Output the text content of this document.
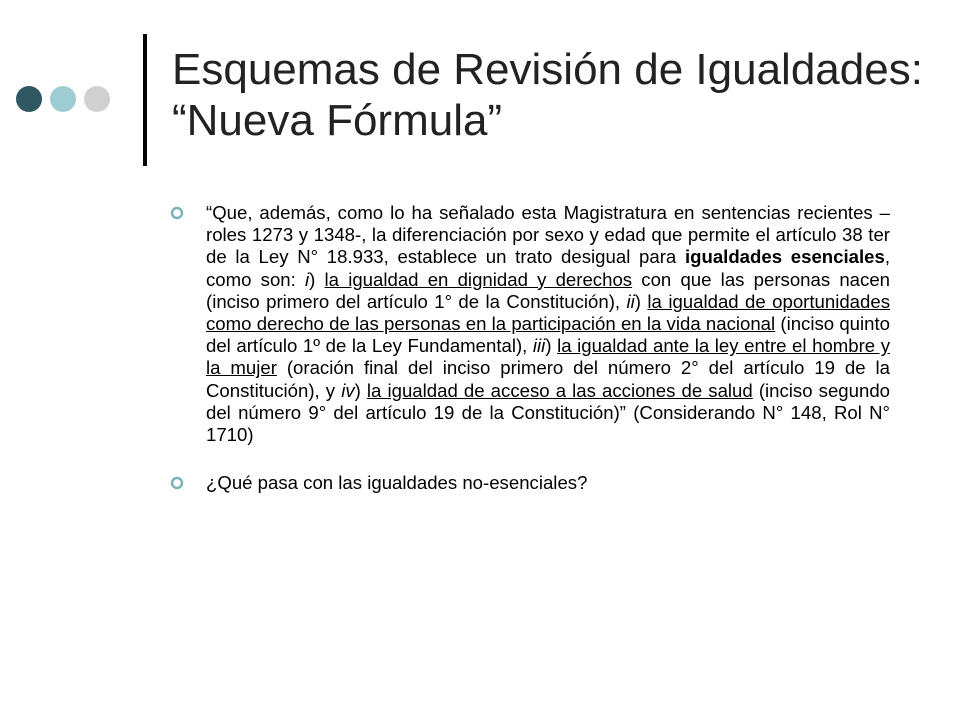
Esquemas de Revisión de Igualdades: “Nueva Fórmula”
“Que, además, como lo ha señalado esta Magistratura en sentencias recientes –roles 1273 y 1348-, la diferenciación por sexo y edad que permite el artículo 38 ter de la Ley N° 18.933, establece un trato desigual para igualdades esenciales, como son: i) la igualdad en dignidad y derechos con que las personas nacen (inciso primero del artículo 1° de la Constitución), ii) la igualdad de oportunidades como derecho de las personas en la participación en la vida nacional (inciso quinto del artículo 1º de la Ley Fundamental), iii) la igualdad ante la ley entre el hombre y la mujer (oración final del inciso primero del número 2° del artículo 19 de la Constitución), y iv) la igualdad de acceso a las acciones de salud (inciso segundo del número 9° del artículo 19 de la Constitución)” (Considerando N° 148, Rol N° 1710)
¿Qué pasa con las igualdades no-esenciales?
